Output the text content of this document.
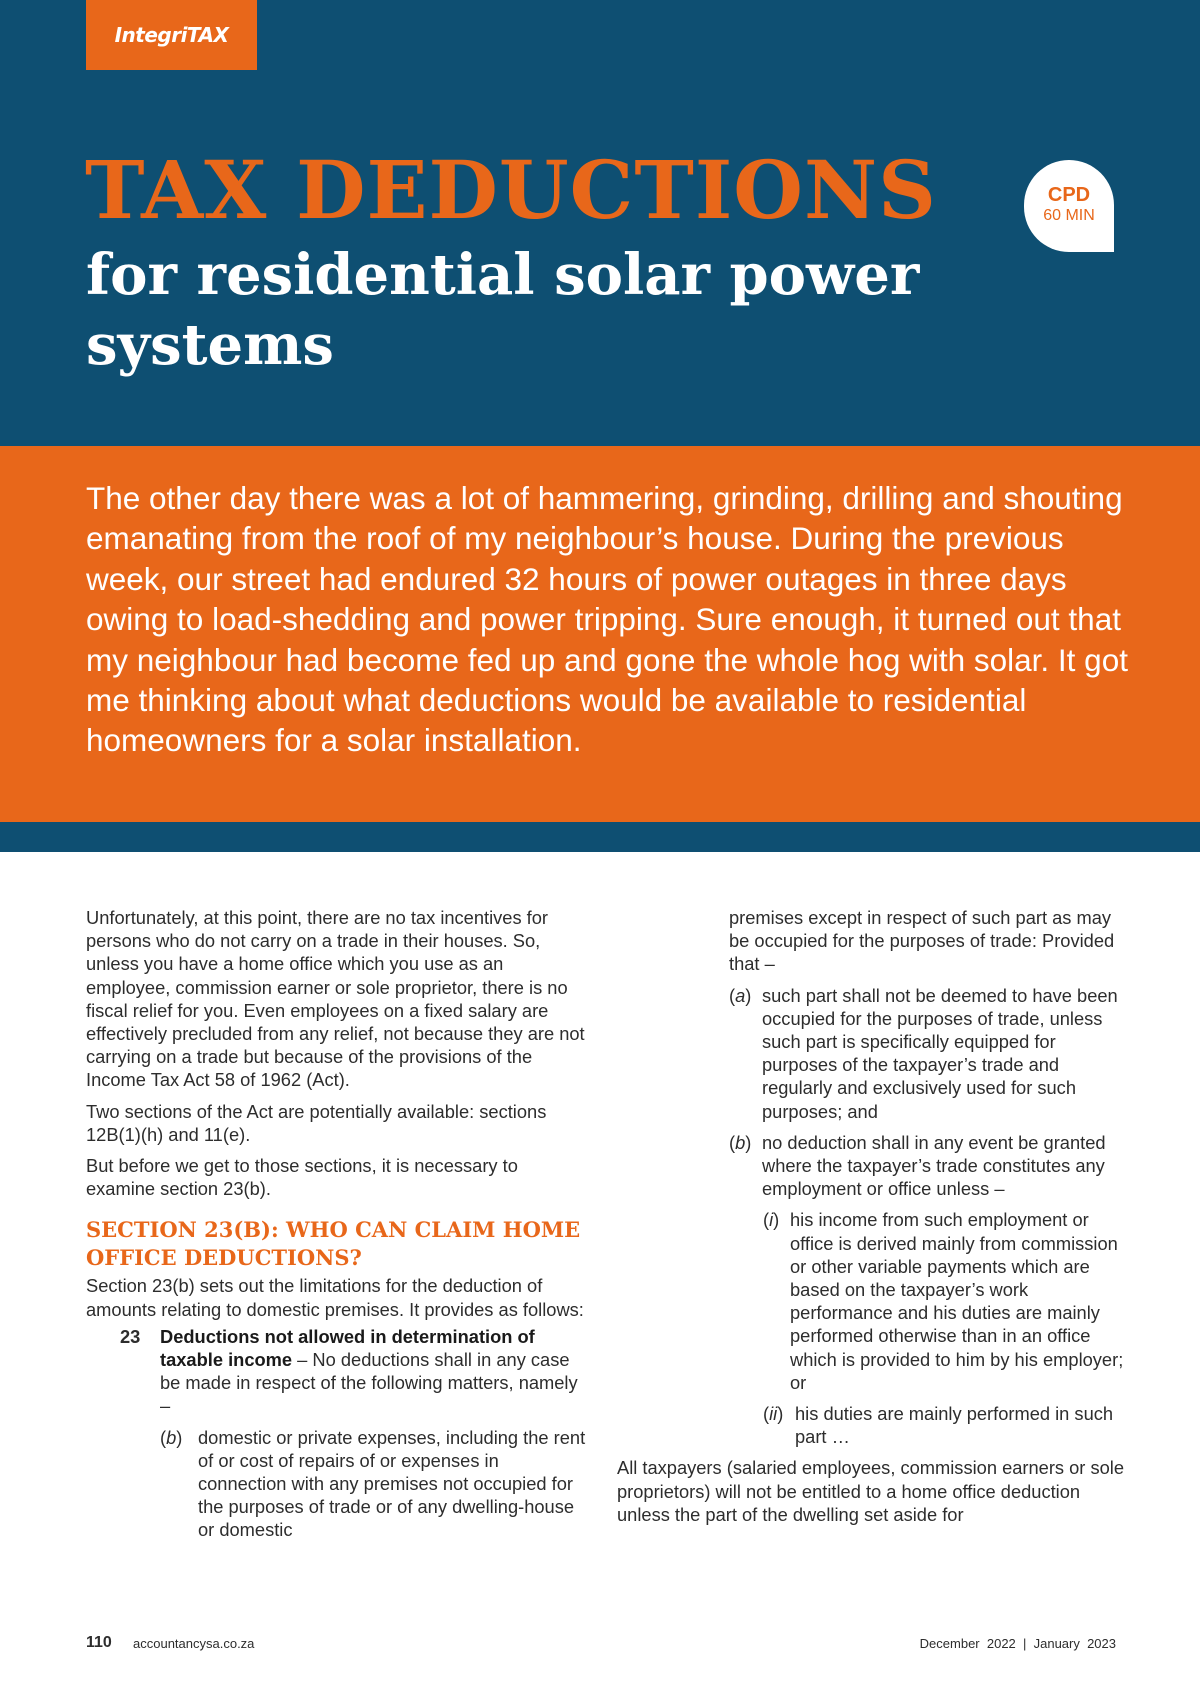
IntegriTAX
TAX DEDUCTIONS
for residential solar power systems
CPD
60 MIN

The other day there was a lot of hammering, grinding, drilling and shouting emanating from the roof of my neighbour’s house. During the previous week, our street had endured 32 hours of power outages in three days owing to load-shedding and power tripping. Sure enough, it turned out that my neighbour had become fed up and gone the whole hog with solar. It got me thinking about what deductions would be available to residential homeowners for a solar installation.

Unfortunately, at this point, there are no tax incentives for persons who do not carry on a trade in their houses. So, unless you have a home office which you use as an employee, commission earner or sole proprietor, there is no fiscal relief for you. Even employees on a fixed salary are effectively precluded from any relief, not because they are not carrying on a trade but because of the provisions of the Income Tax Act 58 of 1962 (Act).

Two sections of the Act are potentially available: sections 12B(1)(h) and 11(e).

But before we get to those sections, it is necessary to examine section 23(b).

SECTION 23(B): WHO CAN CLAIM HOME OFFICE DEDUCTIONS?

Section 23(b) sets out the limitations for the deduction of amounts relating to domestic premises. It provides as follows:

23	Deductions not allowed in determination of taxable income – No deductions shall in any case be made in respect of the following matters, namely –
(b) domestic or private expenses, including the rent of or cost of repairs of or expenses in connection with any premises not occupied for the purposes of trade or of any dwelling-house or domestic

premises except in respect of such part as may be occupied for the purposes of trade: Provided that –

(a) such part shall not be deemed to have been occupied for the purposes of trade, unless such part is specifically equipped for purposes of the taxpayer’s trade and regularly and exclusively used for such purposes; and
(b) no deduction shall in any event be granted where the taxpayer’s trade constitutes any employment or office unless –
(i) his income from such employment or office is derived mainly from commission or other variable payments which are based on the taxpayer’s work performance and his duties are mainly performed otherwise than in an office which is provided to him by his employer; or
(ii) his duties are mainly performed in such part …

All taxpayers (salaried employees, commission earners or sole proprietors) will not be entitled to a home office deduction unless the part of the dwelling set aside for

110 accountancysa.co.za	December  2022  |  January  2023
